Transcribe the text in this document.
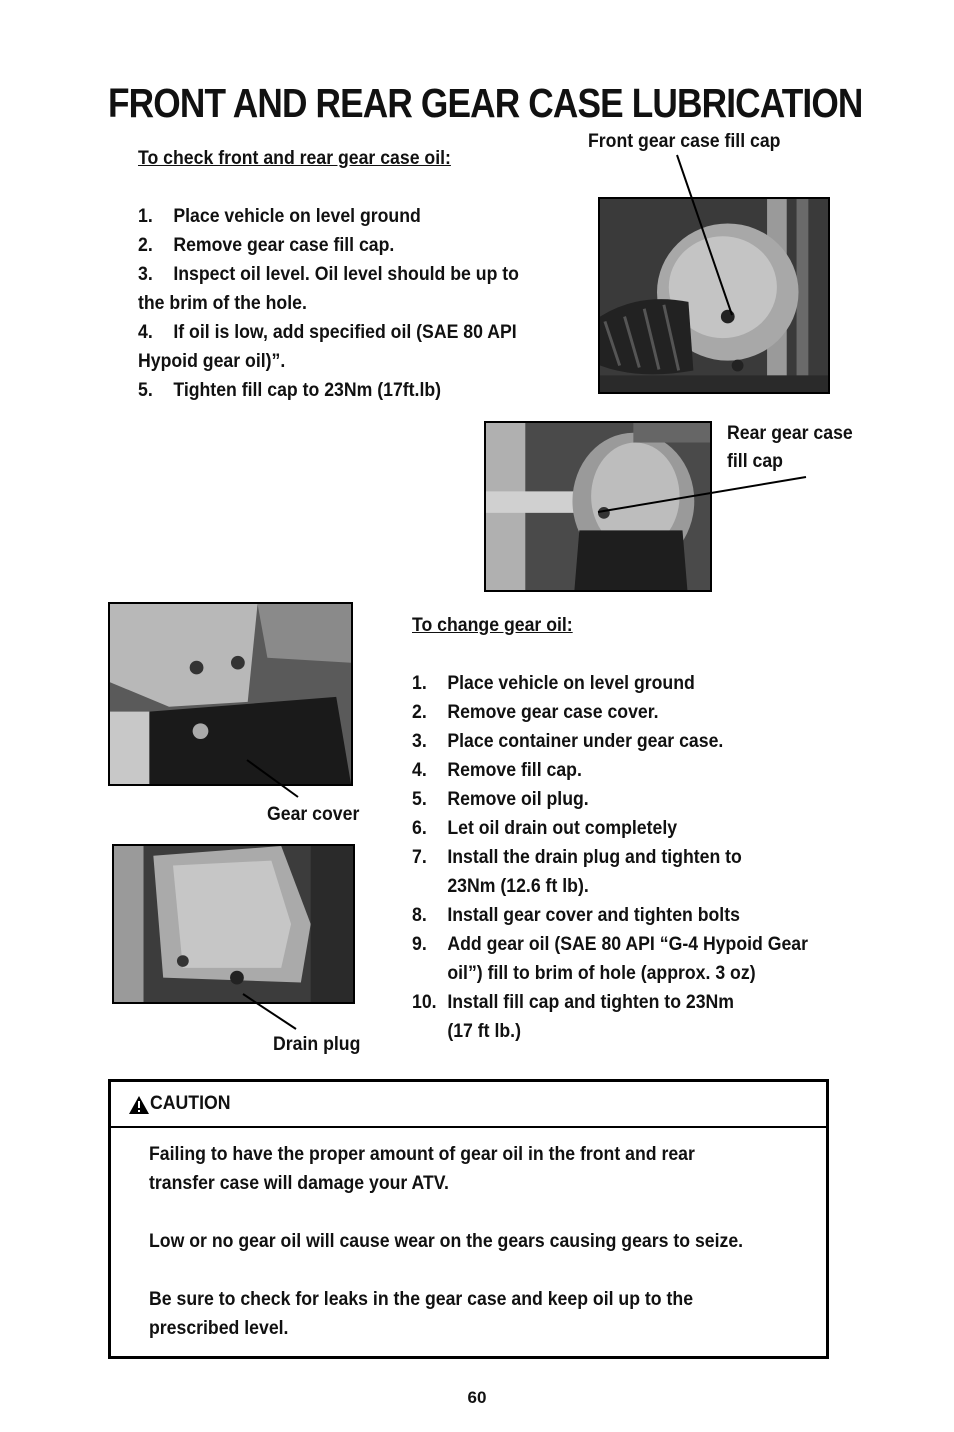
FRONT AND REAR GEAR CASE LUBRICATION
To check front and rear gear case oil:
1.	Place vehicle on level ground
2.	Remove gear case fill cap.
3.	Inspect oil level. Oil level should be up to
the brim of the hole.
4.	If oil is low, add specified oil (SAE 80 API
Hypoid gear oil)”.
5.	Tighten fill cap to 23Nm (17ft.lb)
Front gear case fill cap
Rear gear case
fill cap
Gear cover
Drain plug
To change gear oil:
1.	Place vehicle on level ground
2.	Remove gear case cover.
3.	Place container under gear case.
4.	Remove fill cap.
5.	Remove oil plug.
6.	Let oil drain out completely
7.	Install the drain plug and tighten to
23Nm (12.6 ft lb).
8.	Install gear cover and tighten bolts
9.	Add gear oil (SAE 80 API “G-4 Hypoid Gear
oil”) fill to brim of hole (approx. 3 oz)
10. Install fill cap and tighten to 23Nm
(17 ft lb.)
CAUTION
Failing to have the proper amount of gear oil in the front and rear
transfer case will damage your ATV.
Low or no gear oil will cause wear on the gears causing gears to seize.
Be sure to check for leaks in the gear case and keep oil up to the
prescribed level.
60
